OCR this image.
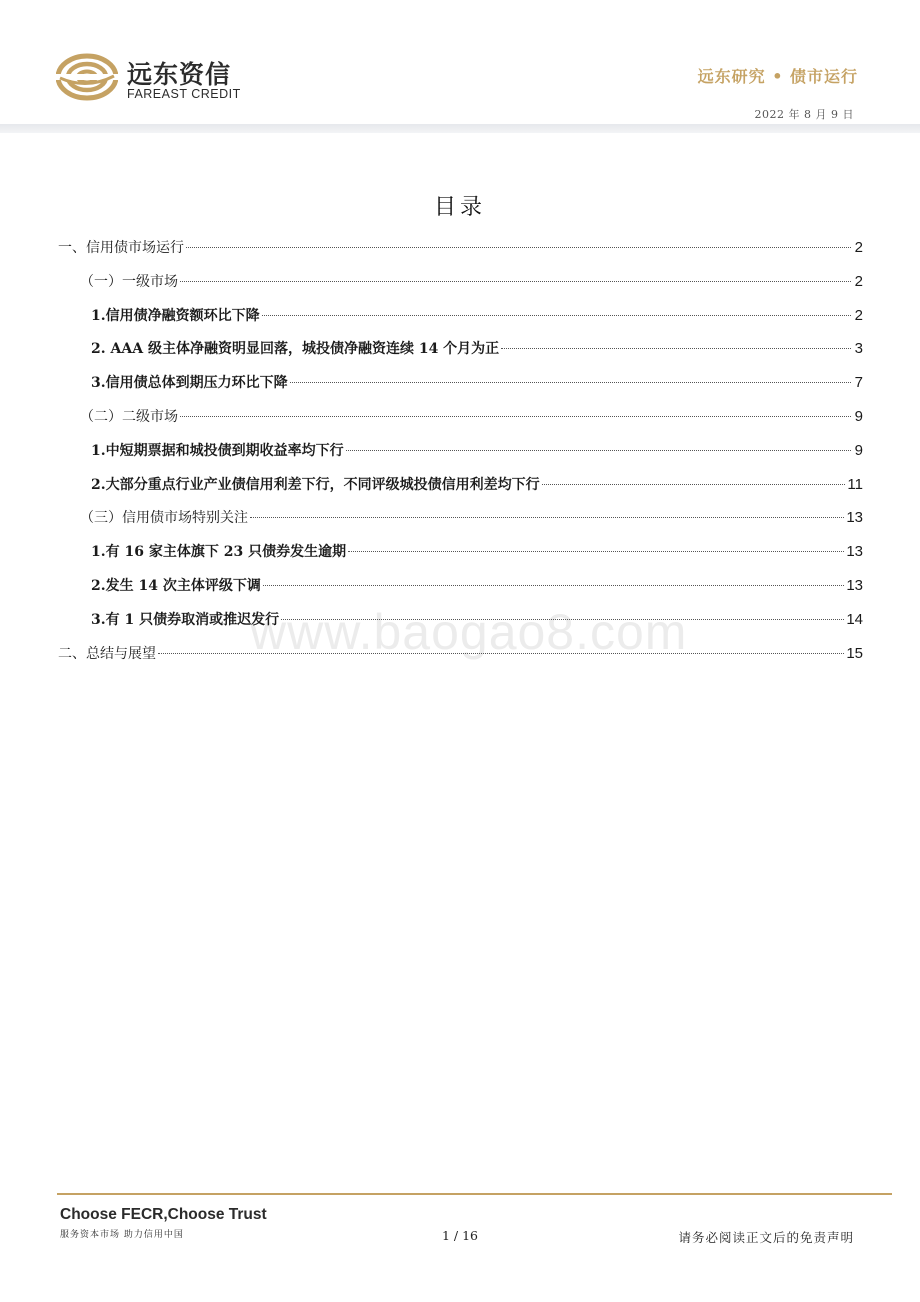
远东资信
FAREAST CREDIT
远东研究 • 债市运行
2022 年 8 月 9 日
www.baogao8.com
目录
一、信用债市场运行	2
（一）一级市场	2
1.信用债净融资额环比下降	2
2. AAA 级主体净融资明显回落，城投债净融资连续 14 个月为正	3
3.信用债总体到期压力环比下降	7
（二）二级市场	9
1.中短期票据和城投债到期收益率均下行	9
2.大部分重点行业产业债信用利差下行，不同评级城投债信用利差均下行	11
（三）信用债市场特别关注	13
1.有 16 家主体旗下 23 只债券发生逾期	13
2.发生 14 次主体评级下调	13
3.有 1 只债券取消或推迟发行	14
二、总结与展望	15
Choose FECR,Choose Trust
服务资本市场 助力信用中国	1 / 16	请务必阅读正文后的免责声明
